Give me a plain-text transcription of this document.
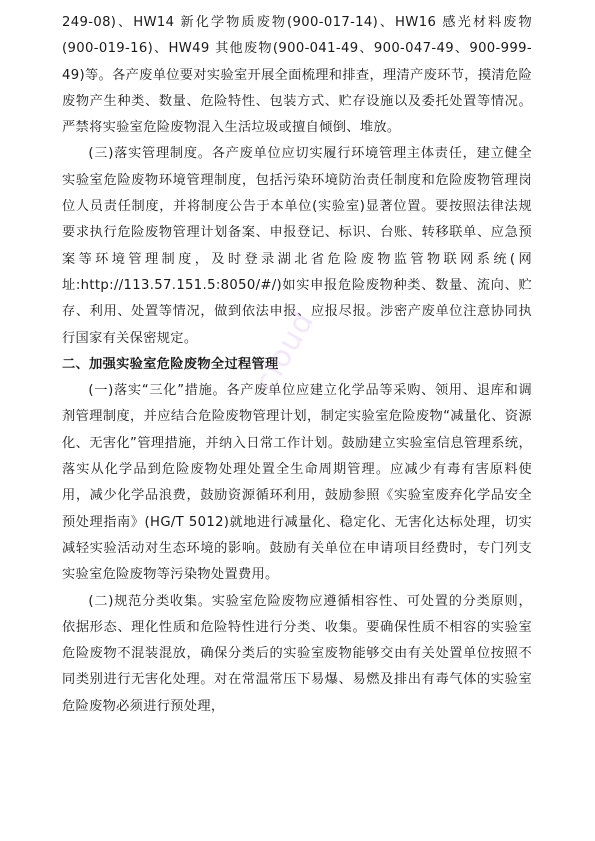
249-08)、HW14 新化学物质废物(900-017-14)、HW16 感光材料废物(900-019-16)、HW49 其他废物(900-041-49、900-047-49、900-999-49)等。各产废单位要对实验室开展全面梳理和排查，理清产废环节，摸清危险废物产生种类、数量、危险特性、包装方式、贮存设施以及委托处置等情况。严禁将实验室危险废物混入生活垃圾或擅自倾倒、堆放。

(三)落实管理制度。各产废单位应切实履行环境管理主体责任，建立健全实验室危险废物环境管理制度，包括污染环境防治责任制度和危险废物管理岗位人员责任制度，并将制度公告于本单位(实验室)显著位置。要按照法律法规要求执行危险废物管理计划备案、申报登记、标识、台账、转移联单、应急预案等环境管理制度，及时登录湖北省危险废物监管物联网系统(网址:http://113.57.151.5:8050/#/)如实申报危险废物种类、数量、流向、贮存、利用、处置等情况，做到依法申报、应报尽报。涉密产废单位注意协同执行国家有关保密规定。

二、加强实验室危险废物全过程管理

(一)落实“三化”措施。各产废单位应建立化学品等采购、领用、退库和调剂管理制度，并应结合危险废物管理计划，制定实验室危险废物“减量化、资源化、无害化”管理措施，并纳入日常工作计划。鼓励建立实验室信息管理系统，落实从化学品到危险废物处理处置全生命周期管理。应减少有毒有害原料使用，减少化学品浪费，鼓励资源循环利用，鼓励参照《实验室废弃化学品安全预处理指南》(HG/T 5012)就地进行减量化、稳定化、无害化达标处理，切实减轻实验活动对生态环境的影响。鼓励有关单位在申请项目经费时，专门列支实验室危险废物等污染物处置费用。

(二)规范分类收集。实验室危险废物应遵循相容性、可处置的分类原则，依据形态、理化性质和危险特性进行分类、收集。要确保性质不相容的实验室危险废物不混装混放，确保分类后的实验室废物能够交由有关处置单位按照不同类别进行无害化处理。对在常温常压下易爆、易燃及排出有毒气体的实验室危险废物必须进行预处理，

cloud
